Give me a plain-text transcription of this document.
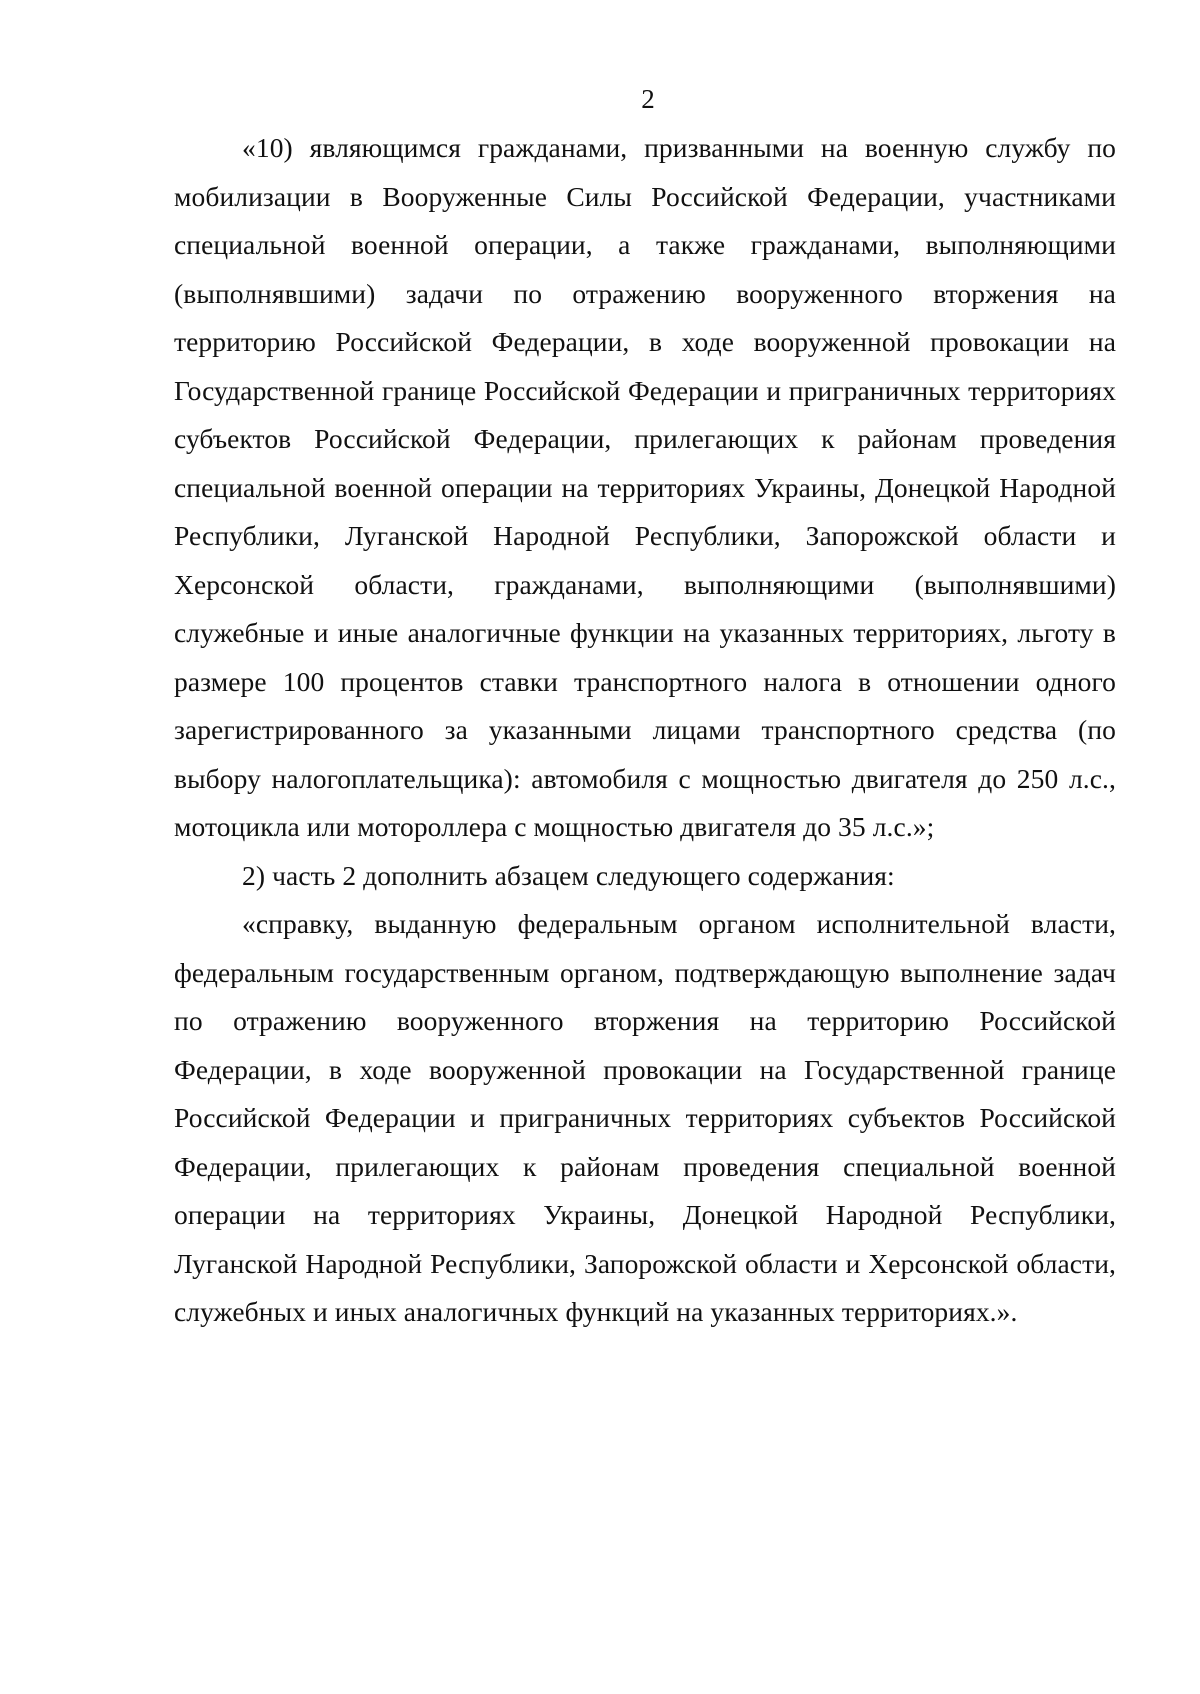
2

«10) являющимся гражданами, призванными на военную службу по мобилизации в Вооруженные Силы Российской Федерации, участниками специальной военной операции, а также гражданами, выполняющими (выполнявшими) задачи по отражению вооруженного вторжения на территорию Российской Федерации, в ходе вооруженной провокации на Государственной границе Российской Федерации и приграничных территориях субъектов Российской Федерации, прилегающих к районам проведения специальной военной операции на территориях Украины, Донецкой Народной Республики, Луганской Народной Республики, Запорожской области и Херсонской области, гражданами, выполняющими (выполнявшими) служебные и иные аналогичные функции на указанных территориях, льготу в размере 100 процентов ставки транспортного налога в отношении одного зарегистрированного за указанными лицами транспортного средства (по выбору налогоплательщика): автомобиля с мощностью двигателя до 250 л.с., мотоцикла или мотороллера с мощностью двигателя до 35 л.с.»;

2) часть 2 дополнить абзацем следующего содержания:

«справку, выданную федеральным органом исполнительной власти, федеральным государственным органом, подтверждающую выполнение задач по отражению вооруженного вторжения на территорию Российской Федерации, в ходе вооруженной провокации на Государственной границе Российской Федерации и приграничных территориях субъектов Российской Федерации, прилегающих к районам проведения специальной военной операции на территориях Украины, Донецкой Народной Республики, Луганской Народной Республики, Запорожской области и Херсонской области, служебных и иных аналогичных функций на указанных территориях.».
